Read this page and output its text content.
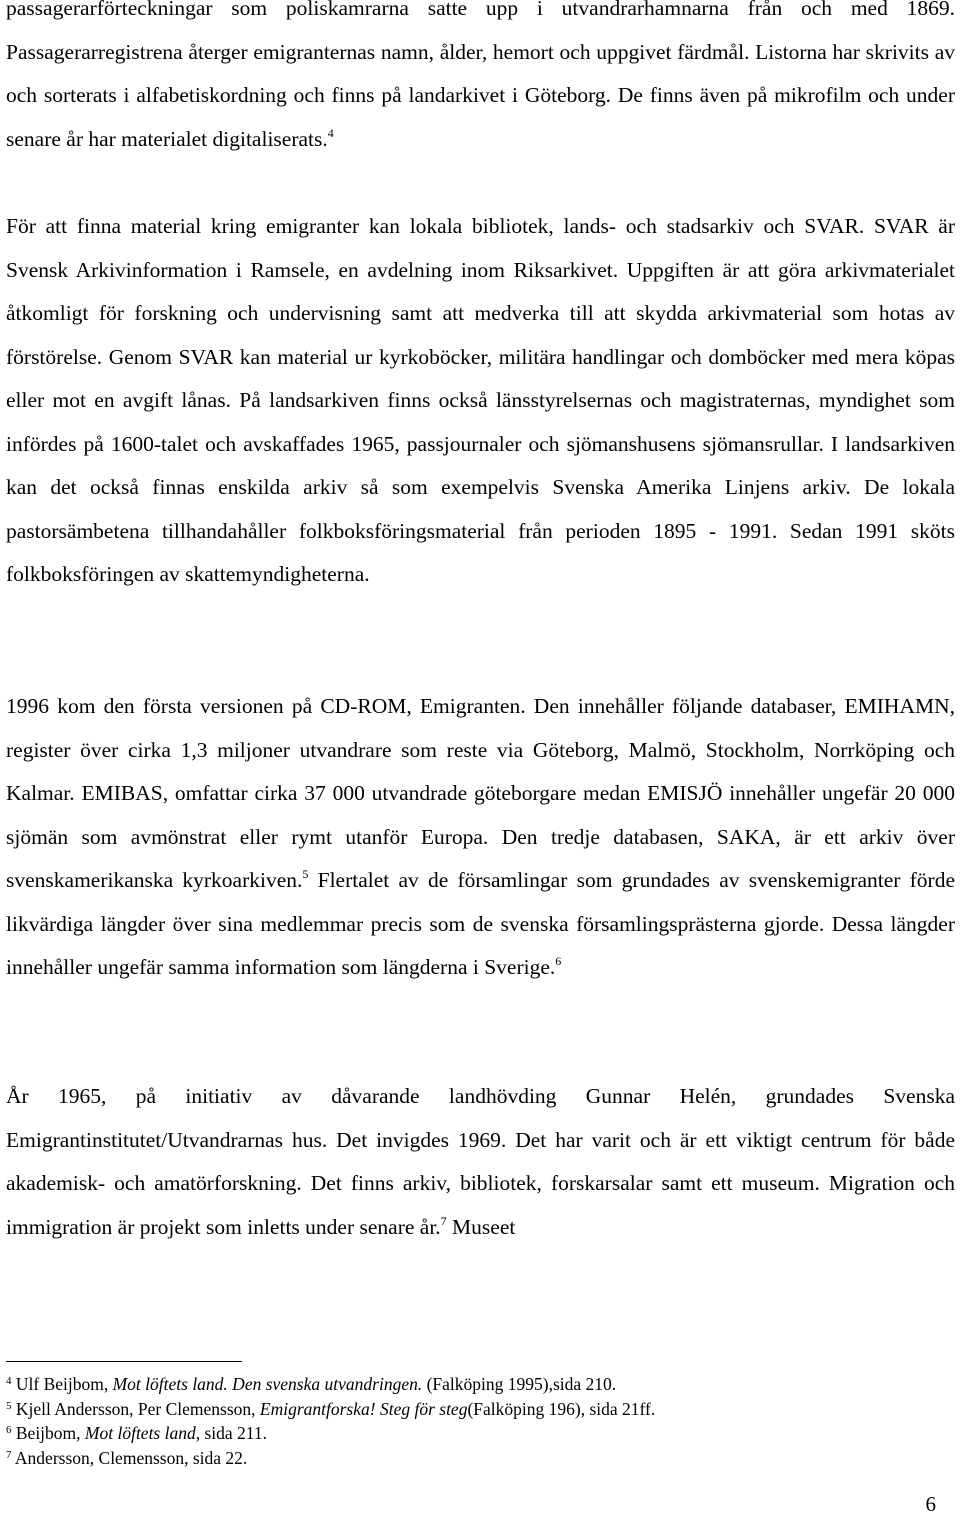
passagerarförteckningar som poliskamrarna satte upp i utvandrarhamnarna från och med 1869. Passagerarregistrena återger emigranternas namn, ålder, hemort och uppgivet färdmål. Listorna har skrivits av och sorterats i alfabetiskordning och finns på landarkivet i Göteborg. De finns även på mikrofilm och under senare år har materialet digitaliserats.$^4$

För att finna material kring emigranter kan lokala bibliotek, lands- och stadsarkiv och SVAR. SVAR är Svensk Arkivinformation i Ramsele, en avdelning inom Riksarkivet. Uppgiften är att göra arkivmaterialet åtkomligt för forskning och undervisning samt att medverka till att skydda arkivmaterial som hotas av förstörelse. Genom SVAR kan material ur kyrkoböcker, militära handlingar och domböcker med mera köpas eller mot en avgift lånas. På landsarkiven finns också länsstyrelsernas och magistraternas, myndighet som infördes på 1600-talet och avskaffades 1965, passjournaler och sjömanshusens sjömansrullar. I landsarkiven kan det också finnas enskilda arkiv så som exempelvis Svenska Amerika Linjens arkiv. De lokala pastorsämbetena tillhandahåller folkboksföringsmaterial från perioden 1895 - 1991. Sedan 1991 sköts folkboksföringen av skattemyndigheterna.

1996 kom den första versionen på CD-ROM, Emigranten. Den innehåller följande databaser, EMIHAMN, register över cirka 1,3 miljoner utvandrare som reste via Göteborg, Malmö, Stockholm, Norrköping och Kalmar. EMIBAS, omfattar cirka 37 000 utvandrade göteborgare medan EMISJÖ innehåller ungefär 20 000 sjömän som avmönstrat eller rymt utanför Europa. Den tredje databasen, SAKA, är ett arkiv över svenskamerikanska kyrkoarkiven.$^5$ Flertalet av de församlingar som grundades av svenskemigranter förde likvärdiga längder över sina medlemmar precis som de svenska församlingsprästerna gjorde. Dessa längder innehåller ungefär samma information som längderna i Sverige.$^6$

År 1965, på initiativ av dåvarande landhövding Gunnar Helén, grundades Svenska Emigrantinstitutet/Utvandrarnas hus. Det invigdes 1969. Det har varit och är ett viktigt centrum för både akademisk- och amatörforskning. Det finns arkiv, bibliotek, forskarsalar samt ett museum. Migration och immigration är projekt som inletts under senare år.$^7$ Museet

$^4$ Ulf Beijbom, Mot löftets land. Den svenska utvandringen. (Falköping 1995),sida 210.
$^5$ Kjell Andersson, Per Clemensson, Emigrantforska! Steg för steg(Falköping 196), sida 21ff.
$^6$ Beijbom, Mot löftets land, sida 211.
$^7$ Andersson, Clemensson, sida 22.
6
